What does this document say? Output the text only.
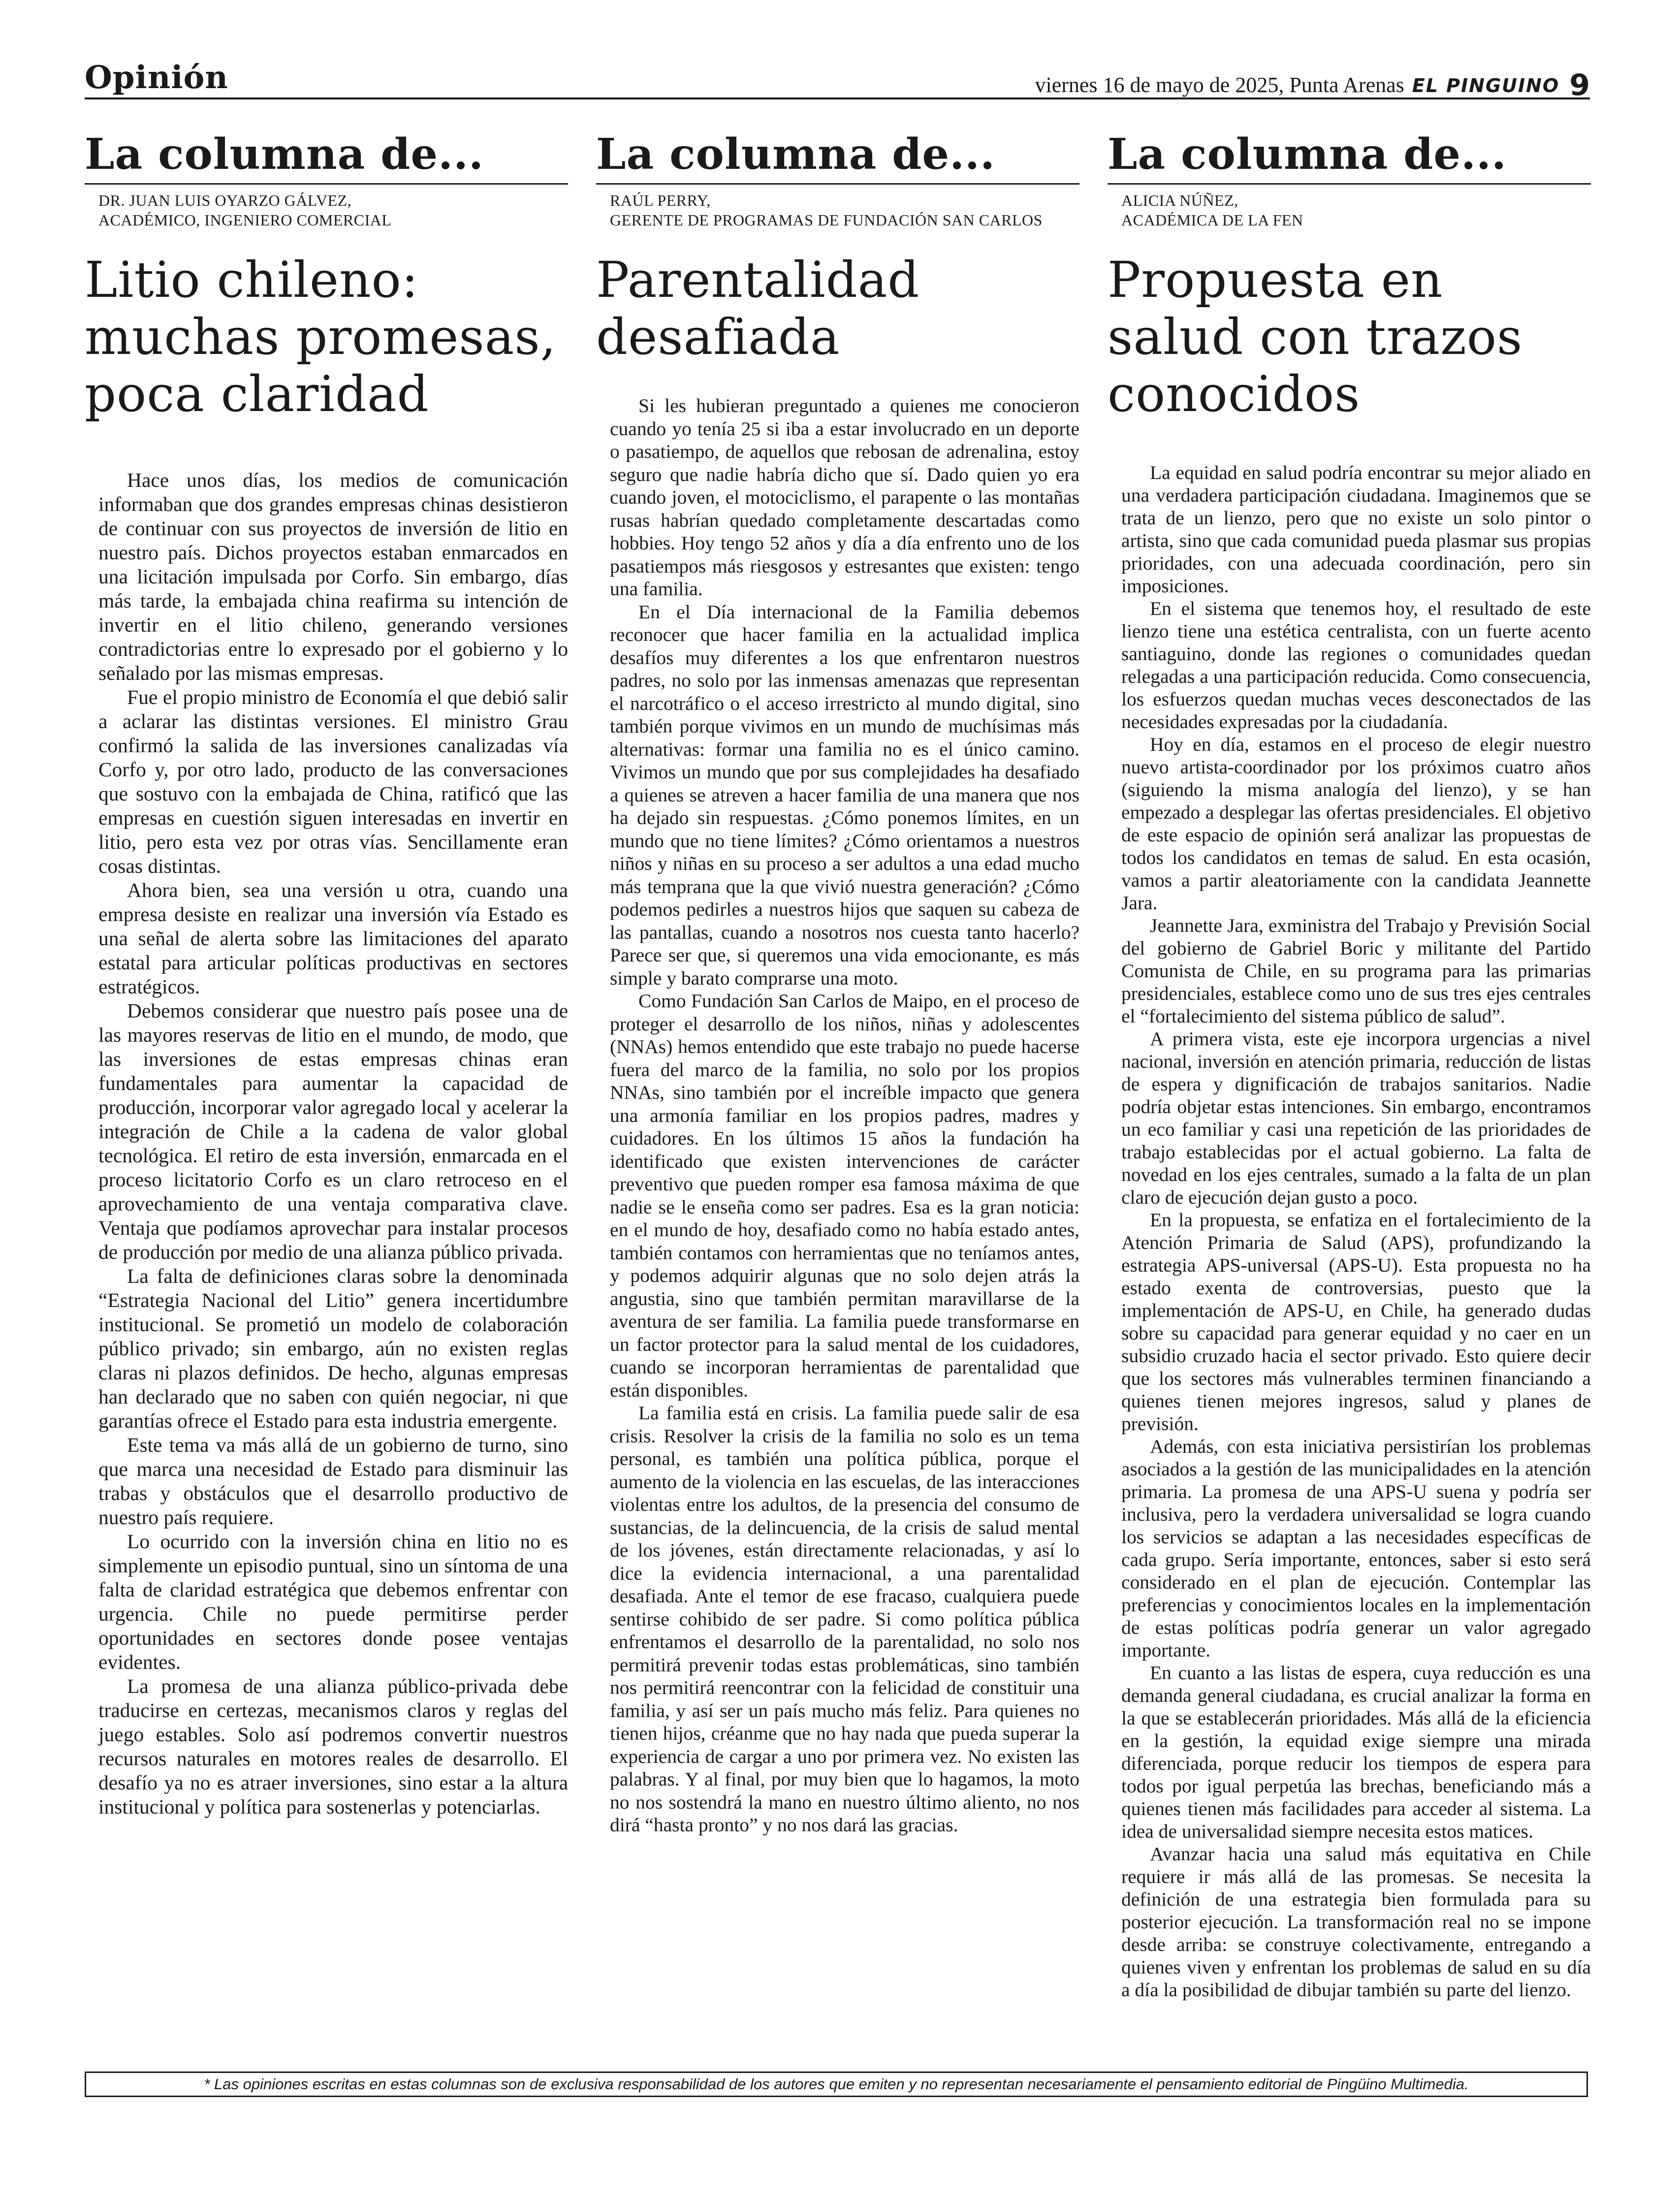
Opinión	viernes 16 de mayo de 2025, Punta Arenas EL PINGUINO 9
La columna de...
DR. JUAN LUIS OYARZO GÁLVEZ,
ACADÉMICO, INGENIERO COMERCIAL
Litio chileno: muchas promesas, poca claridad

Hace unos días, los medios de comunicación informaban que dos grandes empresas chinas desistieron de continuar con sus proyectos de inversión de litio en nuestro país. Dichos proyectos estaban enmarcados en una licitación impulsada por Corfo. Sin embargo, días más tarde, la embajada china reafirma su intención de invertir en el litio chileno, generando versiones contradictorias entre lo expresado por el gobierno y lo señalado por las mismas empresas.

Fue el propio ministro de Economía el que debió salir a aclarar las distintas versiones. El ministro Grau confirmó la salida de las inversiones canalizadas vía Corfo y, por otro lado, producto de las conversaciones que sostuvo con la embajada de China, ratificó que las empresas en cuestión siguen interesadas en invertir en litio, pero esta vez por otras vías. Sencillamente eran cosas distintas.

Ahora bien, sea una versión u otra, cuando una empresa desiste en realizar una inversión vía Estado es una señal de alerta sobre las limitaciones del aparato estatal para articular políticas productivas en sectores estratégicos.

Debemos considerar que nuestro país posee una de las mayores reservas de litio en el mundo, de modo, que las inversiones de estas empresas chinas eran fundamentales para aumentar la capacidad de producción, incorporar valor agregado local y acelerar la integración de Chile a la cadena de valor global tecnológica. El retiro de esta inversión, enmarcada en el proceso licitatorio Corfo es un claro retroceso en el aprovechamiento de una ventaja comparativa clave. Ventaja que podíamos aprovechar para instalar procesos de producción por medio de una alianza público privada.

La falta de definiciones claras sobre la denominada “Estrategia Nacional del Litio” genera incertidumbre institucional. Se prometió un modelo de colaboración público privado; sin embargo, aún no existen reglas claras ni plazos definidos. De hecho, algunas empresas han declarado que no saben con quién negociar, ni que garantías ofrece el Estado para esta industria emergente.

Este tema va más allá de un gobierno de turno, sino que marca una necesidad de Estado para disminuir las trabas y obstáculos que el desarrollo productivo de nuestro país requiere.

Lo ocurrido con la inversión china en litio no es simplemente un episodio puntual, sino un síntoma de una falta de claridad estratégica que debemos enfrentar con urgencia. Chile no puede permitirse perder oportunidades en sectores donde posee ventajas evidentes.

La promesa de una alianza público-privada debe traducirse en certezas, mecanismos claros y reglas del juego estables. Solo así podremos convertir nuestros recursos naturales en motores reales de desarrollo. El desafío ya no es atraer inversiones, sino estar a la altura institucional y política para sostenerlas y potenciarlas.

La columna de...
RAÚL PERRY,
GERENTE DE PROGRAMAS DE FUNDACIÓN SAN CARLOS
Parentalidad desafiada

Si les hubieran preguntado a quienes me conocieron cuando yo tenía 25 si iba a estar involucrado en un deporte o pasatiempo, de aquellos que rebosan de adrenalina, estoy seguro que nadie habría dicho que sí. Dado quien yo era cuando joven, el motociclismo, el parapente o las montañas rusas habrían quedado completamente descartadas como hobbies. Hoy tengo 52 años y día a día enfrento uno de los pasatiempos más riesgosos y estresantes que existen: tengo una familia.

En el Día internacional de la Familia debemos reconocer que hacer familia en la actualidad implica desafíos muy diferentes a los que enfrentaron nuestros padres, no solo por las inmensas amenazas que representan el narcotráfico o el acceso irrestricto al mundo digital, sino también porque vivimos en un mundo de muchísimas más alternativas: formar una familia no es el único camino. Vivimos un mundo que por sus complejidades ha desafiado a quienes se atreven a hacer familia de una manera que nos ha dejado sin respuestas. ¿Cómo ponemos límites, en un mundo que no tiene límites? ¿Cómo orientamos a nuestros niños y niñas en su proceso a ser adultos a una edad mucho más temprana que la que vivió nuestra generación? ¿Cómo podemos pedirles a nuestros hijos que saquen su cabeza de las pantallas, cuando a nosotros nos cuesta tanto hacerlo? Parece ser que, si queremos una vida emocionante, es más simple y barato comprarse una moto.

Como Fundación San Carlos de Maipo, en el proceso de proteger el desarrollo de los niños, niñas y adolescentes (NNAs) hemos entendido que este trabajo no puede hacerse fuera del marco de la familia, no solo por los propios NNAs, sino también por el increíble impacto que genera una armonía familiar en los propios padres, madres y cuidadores. En los últimos 15 años la fundación ha identificado que existen intervenciones de carácter preventivo que pueden romper esa famosa máxima de que nadie se le enseña como ser padres. Esa es la gran noticia: en el mundo de hoy, desafiado como no había estado antes, también contamos con herramientas que no teníamos antes, y podemos adquirir algunas que no solo dejen atrás la angustia, sino que también permitan maravillarse de la aventura de ser familia. La familia puede transformarse en un factor protector para la salud mental de los cuidadores, cuando se incorporan herramientas de parentalidad que están disponibles.

La familia está en crisis. La familia puede salir de esa crisis. Resolver la crisis de la familia no solo es un tema personal, es también una política pública, porque el aumento de la violencia en las escuelas, de las interacciones violentas entre los adultos, de la presencia del consumo de sustancias, de la delincuencia, de la crisis de salud mental de los jóvenes, están directamente relacionadas, y así lo dice la evidencia internacional, a una parentalidad desafiada. Ante el temor de ese fracaso, cualquiera puede sentirse cohibido de ser padre. Si como política pública enfrentamos el desarrollo de la parentalidad, no solo nos permitirá prevenir todas estas problemáticas, sino también nos permitirá reencontrar con la felicidad de constituir una familia, y así ser un país mucho más feliz. Para quienes no tienen hijos, créanme que no hay nada que pueda superar la experiencia de cargar a uno por primera vez. No existen las palabras. Y al final, por muy bien que lo hagamos, la moto no nos sostendrá la mano en nuestro último aliento, no nos dirá “hasta pronto” y no nos dará las gracias.

La columna de...
ALICIA NÚÑEZ,
ACADÉMICA DE LA FEN
Propuesta en salud con trazos conocidos

La equidad en salud podría encontrar su mejor aliado en una verdadera participación ciudadana. Imaginemos que se trata de un lienzo, pero que no existe un solo pintor o artista, sino que cada comunidad pueda plasmar sus propias prioridades, con una adecuada coordinación, pero sin imposiciones.

En el sistema que tenemos hoy, el resultado de este lienzo tiene una estética centralista, con un fuerte acento santiaguino, donde las regiones o comunidades quedan relegadas a una participación reducida. Como consecuencia, los esfuerzos quedan muchas veces desconectados de las necesidades expresadas por la ciudadanía.

Hoy en día, estamos en el proceso de elegir nuestro nuevo artista-coordinador por los próximos cuatro años (siguiendo la misma analogía del lienzo), y se han empezado a desplegar las ofertas presidenciales. El objetivo de este espacio de opinión será analizar las propuestas de todos los candidatos en temas de salud. En esta ocasión, vamos a partir aleatoriamente con la candidata Jeannette Jara.

Jeannette Jara, exministra del Trabajo y Previsión Social del gobierno de Gabriel Boric y militante del Partido Comunista de Chile, en su programa para las primarias presidenciales, establece como uno de sus tres ejes centrales el “fortalecimiento del sistema público de salud”.

A primera vista, este eje incorpora urgencias a nivel nacional, inversión en atención primaria, reducción de listas de espera y dignificación de trabajos sanitarios. Nadie podría objetar estas intenciones. Sin embargo, encontramos un eco familiar y casi una repetición de las prioridades de trabajo establecidas por el actual gobierno. La falta de novedad en los ejes centrales, sumado a la falta de un plan claro de ejecución dejan gusto a poco.

En la propuesta, se enfatiza en el fortalecimiento de la Atención Primaria de Salud (APS), profundizando la estrategia APS-universal (APS-U). Esta propuesta no ha estado exenta de controversias, puesto que la implementación de APS-U, en Chile, ha generado dudas sobre su capacidad para generar equidad y no caer en un subsidio cruzado hacia el sector privado. Esto quiere decir que los sectores más vulnerables terminen financiando a quienes tienen mejores ingresos, salud y planes de previsión.

Además, con esta iniciativa persistirían los problemas asociados a la gestión de las municipalidades en la atención primaria. La promesa de una APS-U suena y podría ser inclusiva, pero la verdadera universalidad se logra cuando los servicios se adaptan a las necesidades específicas de cada grupo. Sería importante, entonces, saber si esto será considerado en el plan de ejecución. Contemplar las preferencias y conocimientos locales en la implementación de estas políticas podría generar un valor agregado importante.

En cuanto a las listas de espera, cuya reducción es una demanda general ciudadana, es crucial analizar la forma en la que se establecerán prioridades. Más allá de la eficiencia en la gestión, la equidad exige siempre una mirada diferenciada, porque reducir los tiempos de espera para todos por igual perpetúa las brechas, beneficiando más a quienes tienen más facilidades para acceder al sistema. La idea de universalidad siempre necesita estos matices.

Avanzar hacia una salud más equitativa en Chile requiere ir más allá de las promesas. Se necesita la definición de una estrategia bien formulada para su posterior ejecución. La transformación real no se impone desde arriba: se construye colectivamente, entregando a quienes viven y enfrentan los problemas de salud en su día a día la posibilidad de dibujar también su parte del lienzo.

* Las opiniones escritas en estas columnas son de exclusiva responsabilidad de los autores que emiten y no representan necesariamente el pensamiento editorial de Pingüino Multimedia.
